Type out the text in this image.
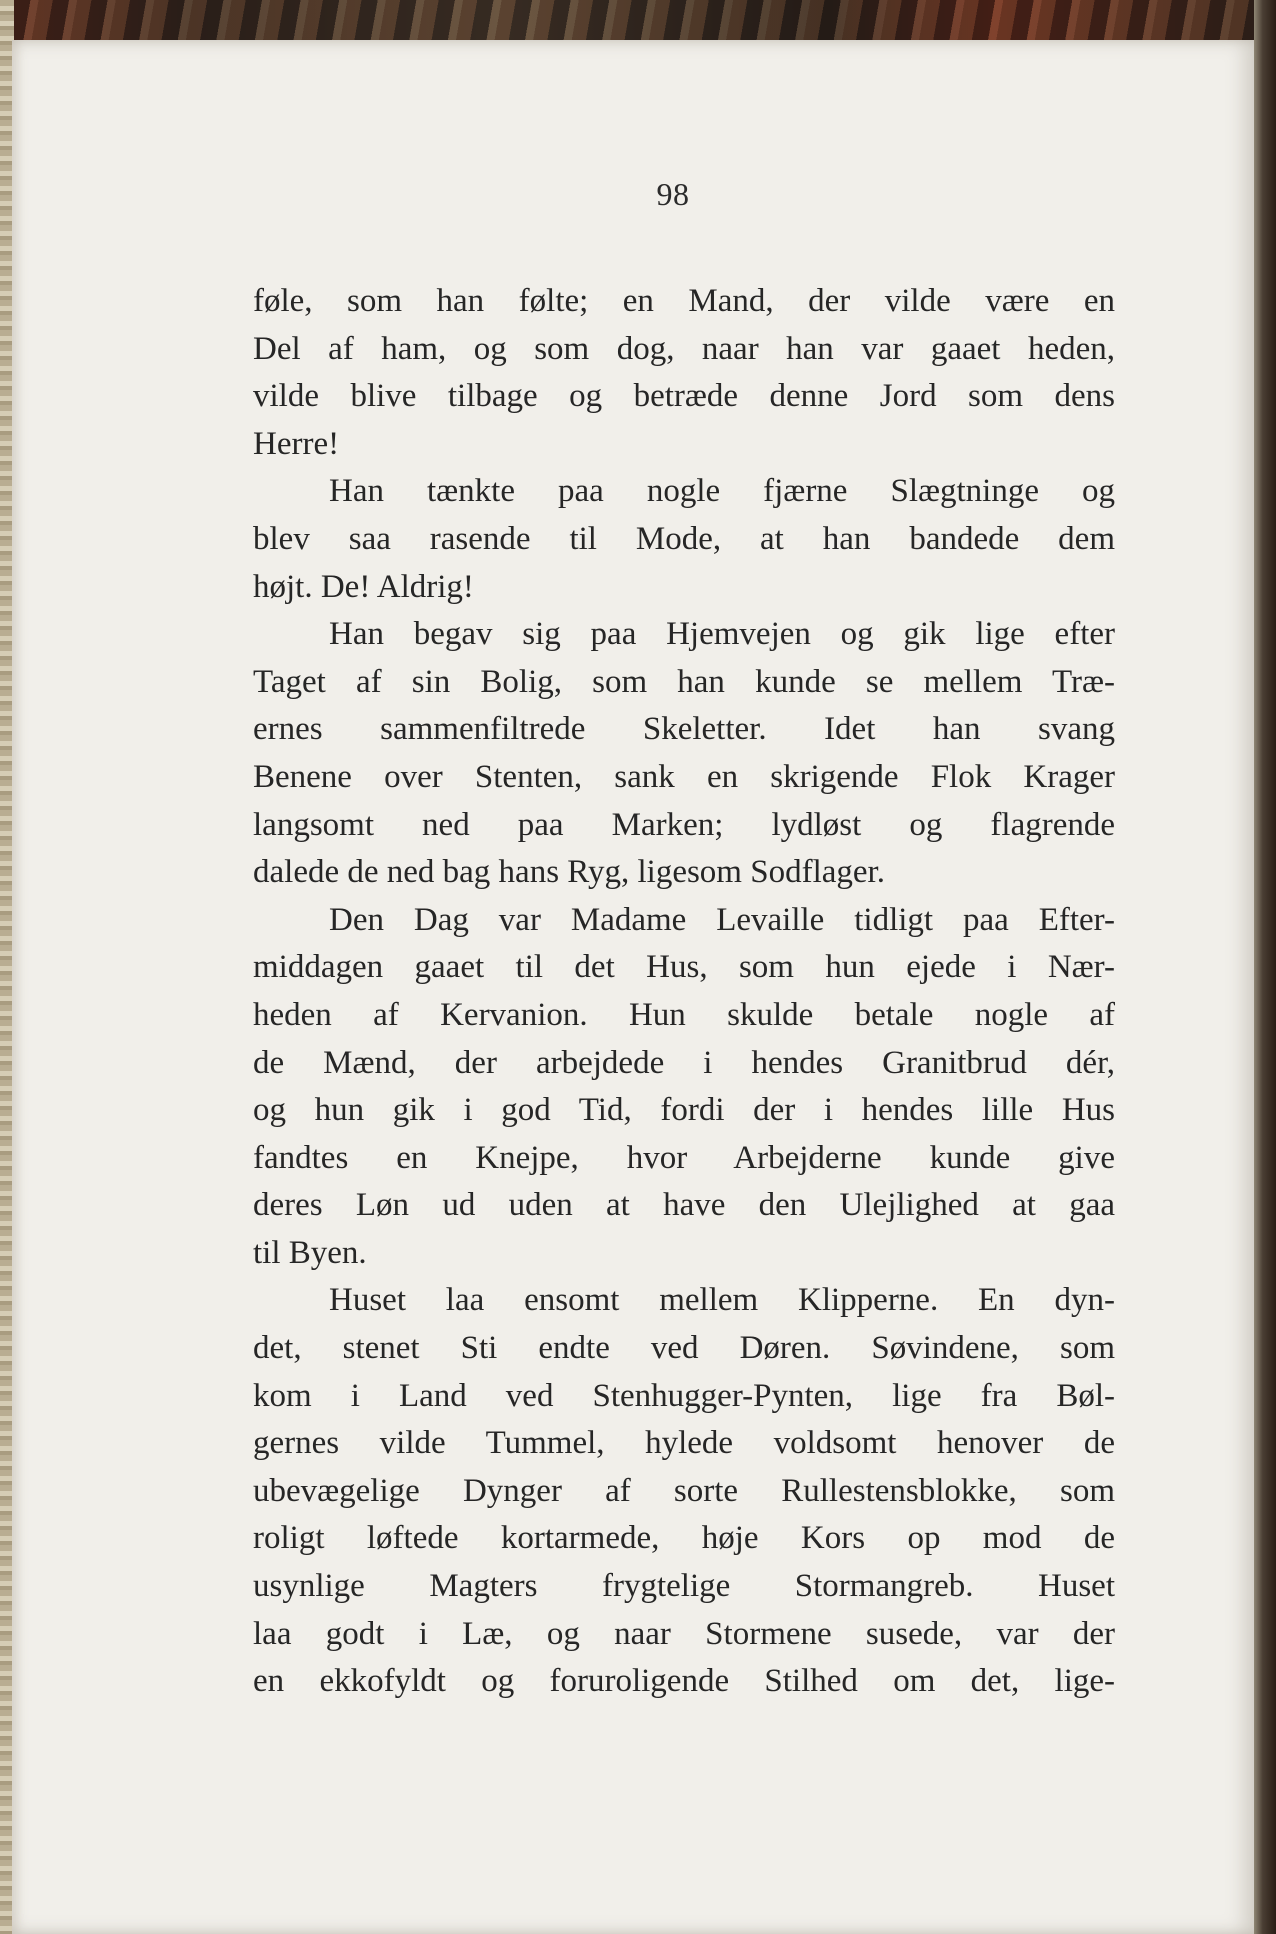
98
føle, som han følte; en Mand, der vilde være en
Del af ham, og som dog, naar han var gaaet heden,
vilde blive tilbage og betræde denne Jord som dens
Herre!
Han tænkte paa nogle fjærne Slægtninge og
blev saa rasende til Mode, at han bandede dem
højt. De! Aldrig!
Han begav sig paa Hjemvejen og gik lige efter
Taget af sin Bolig, som han kunde se mellem Træ-
ernes sammenfiltrede Skeletter. Idet han svang
Benene over Stenten, sank en skrigende Flok Krager
langsomt ned paa Marken; lydløst og flagrende
dalede de ned bag hans Ryg, ligesom Sodflager.
Den Dag var Madame Levaille tidligt paa Efter-
middagen gaaet til det Hus, som hun ejede i Nær-
heden af Kervanion. Hun skulde betale nogle af
de Mænd, der arbejdede i hendes Granitbrud dér,
og hun gik i god Tid, fordi der i hendes lille Hus
fandtes en Knejpe, hvor Arbejderne kunde give
deres Løn ud uden at have den Ulejlighed at gaa
til Byen.
Huset laa ensomt mellem Klipperne. En dyn-
det, stenet Sti endte ved Døren. Søvindene, som
kom i Land ved Stenhugger-Pynten, lige fra Bøl-
gernes vilde Tummel, hylede voldsomt henover de
ubevægelige Dynger af sorte Rullestensblokke, som
roligt løftede kortarmede, høje Kors op mod de
usynlige Magters frygtelige Stormangreb. Huset
laa godt i Læ, og naar Stormene susede, var der
en ekkofyldt og foruroligende Stilhed om det, lige-
